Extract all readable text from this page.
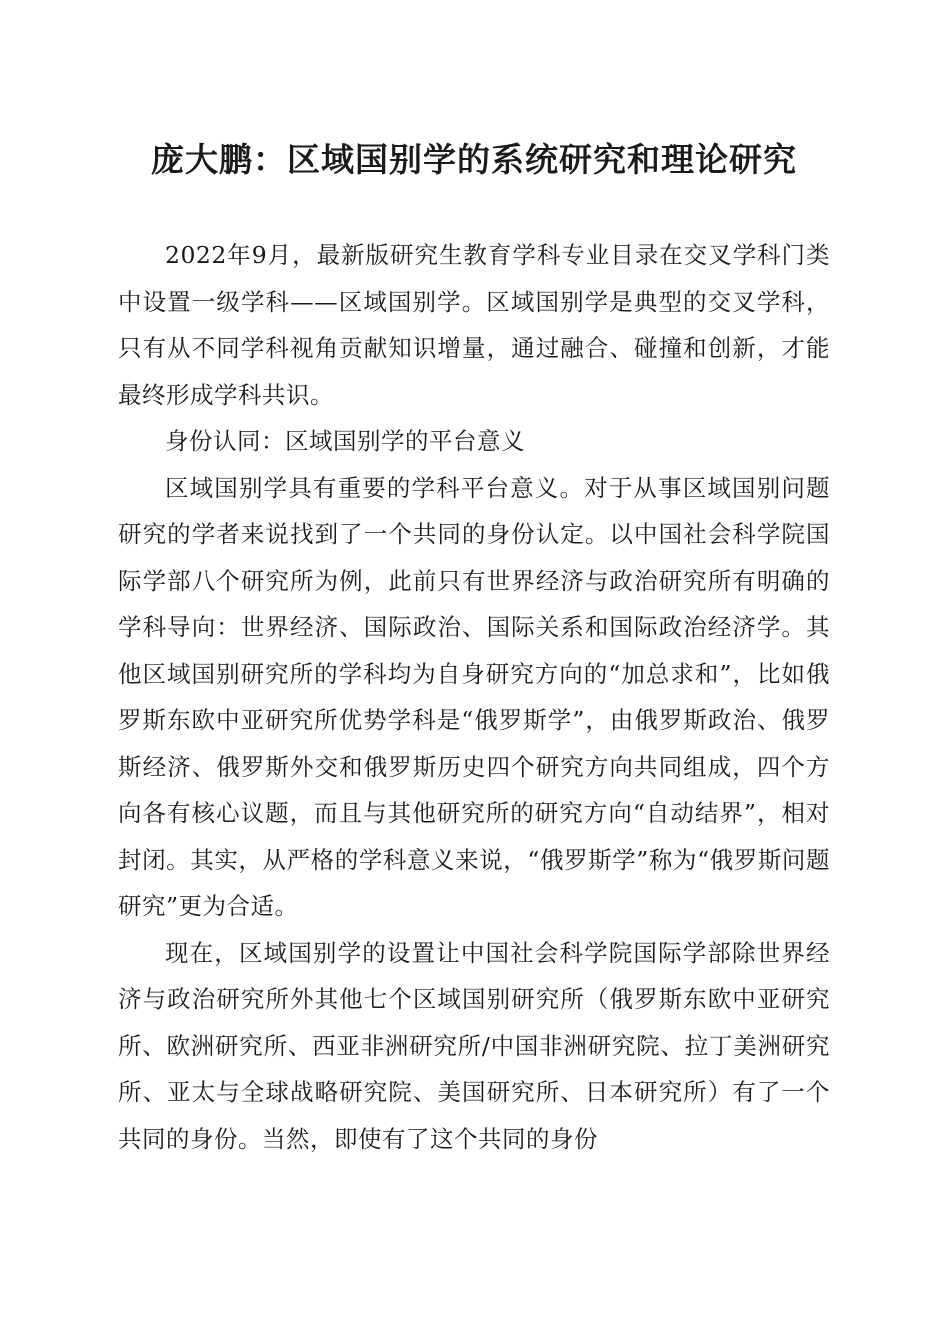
庞大鹏：区域国别学的系统研究和理论研究

2022年9月，最新版研究生教育学科专业目录在交叉学科门类中设置一级学科——区域国别学。区域国别学是典型的交叉学科，只有从不同学科视角贡献知识增量，通过融合、碰撞和创新，才能最终形成学科共识。

身份认同：区域国别学的平台意义

区域国别学具有重要的学科平台意义。对于从事区域国别问题研究的学者来说找到了一个共同的身份认定。以中国社会科学院国际学部八个研究所为例，此前只有世界经济与政治研究所有明确的学科导向：世界经济、国际政治、国际关系和国际政治经济学。其他区域国别研究所的学科均为自身研究方向的“加总求和”，比如俄罗斯东欧中亚研究所优势学科是“俄罗斯学”，由俄罗斯政治、俄罗斯经济、俄罗斯外交和俄罗斯历史四个研究方向共同组成，四个方向各有核心议题，而且与其他研究所的研究方向“自动结界”，相对封闭。其实，从严格的学科意义来说，“俄罗斯学”称为“俄罗斯问题研究”更为合适。

现在，区域国别学的设置让中国社会科学院国际学部除世界经济与政治研究所外其他七个区域国别研究所（俄罗斯东欧中亚研究所、欧洲研究所、西亚非洲研究所/中国非洲研究院、拉丁美洲研究所、亚太与全球战略研究院、美国研究所、日本研究所）有了一个共同的身份。当然，即使有了这个共同的身份
